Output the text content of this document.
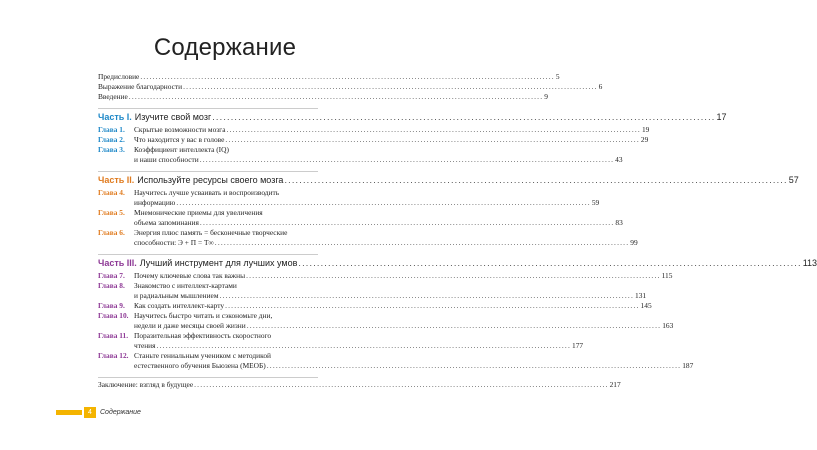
Содержание
Предисловие .....	5
Выражение благодарности .....	6
Введение .....	9
Часть I. Изучите свой мозг .....	17
Глава 1.	Скрытые возможности мозга .....	19
Глава 2.	Что находится у вас в голове .....	29
Глава 3.	Коэффициент интеллекта (IQ)
и наши способности .....	43
Часть II. Используйте ресурсы своего мозга .....	57
Глава 4.	Научитесь лучше усваивать и воспроизводить
информацию .....	59
Глава 5.	Мнемонические приемы для увеличения
объема запоминания .....	83
Глава 6.	Энергия плюс память = бесконечные творческие
способности: Э + П = Т∞ .....	99
Часть III. Лучший инструмент для лучших умов .....	113
Глава 7.	Почему ключевые слова так важны .....	115
Глава 8.	Знакомство с интеллект-картами
и радиальным мышлением .....	131
Глава 9.	Как создать интеллект-карту .....	145
Глава 10. Научитесь быстро читать и сэкономьте дни,
недели и даже месяцы своей жизни .....	163
Глава 11. Поразительная эффективность скоростного
чтения .....	177
Глава 12. Станьте гениальным учеником с методикой
естественного обучения Бьюзена (МЕОБ) .....	187
Заключение: взгляд в будущее .....	217
4	Содержание
